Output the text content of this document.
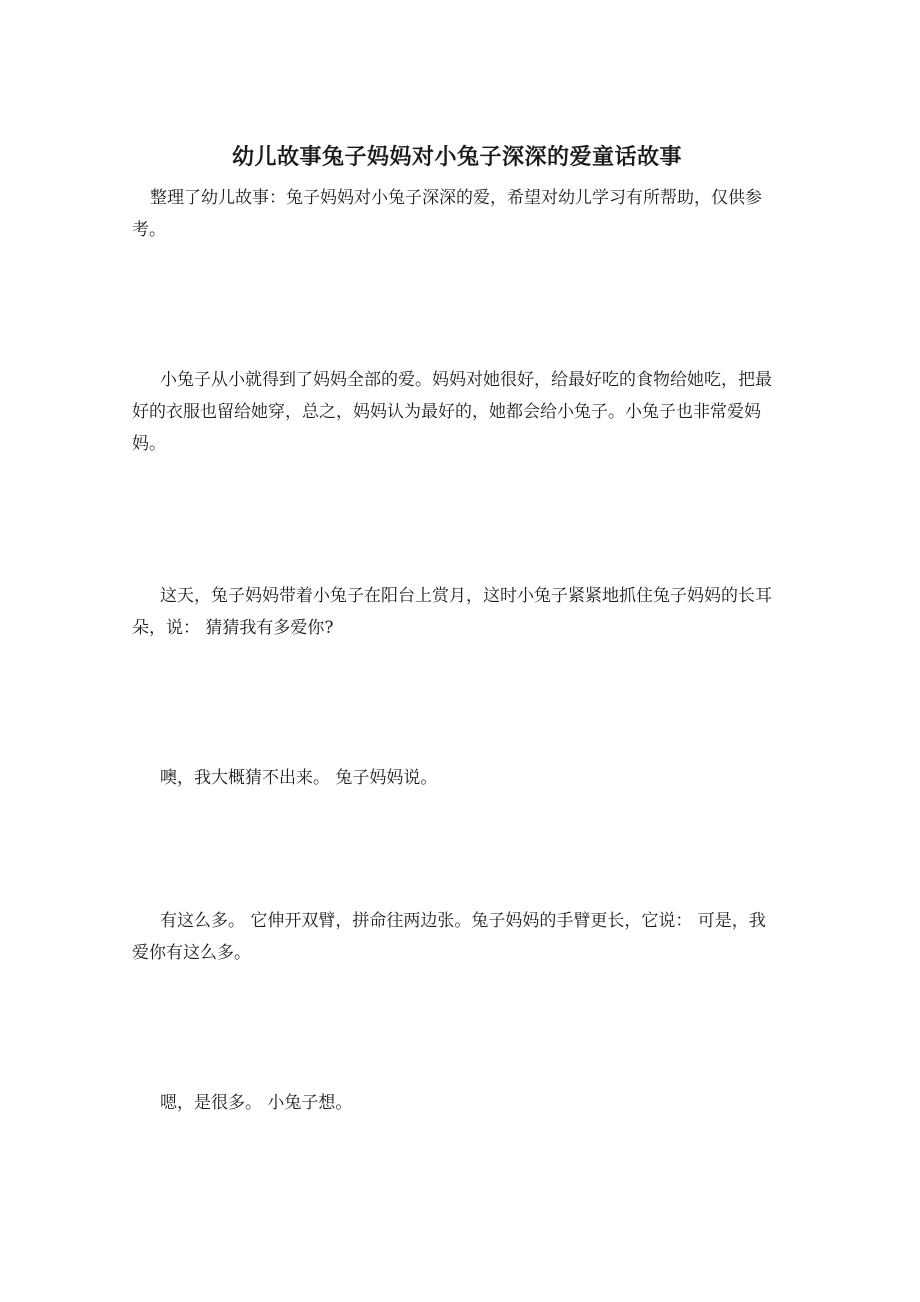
幼儿故事兔子妈妈对小兔子深深的爱童话故事

整理了幼儿故事：兔子妈妈对小兔子深深的爱，希望对幼儿学习有所帮助，仅供参考。

小兔子从小就得到了妈妈全部的爱。妈妈对她很好，给最好吃的食物给她吃，把最好的衣服也留给她穿，总之，妈妈认为最好的，她都会给小兔子。小兔子也非常爱妈妈。

这天，兔子妈妈带着小兔子在阳台上赏月，这时小兔子紧紧地抓住兔子妈妈的长耳朵，说： 猜猜我有多爱你?

噢，我大概猜不出来。 兔子妈妈说。

有这么多。 它伸开双臂，拼命往两边张。兔子妈妈的手臂更长，它说： 可是，我爱你有这么多。

嗯，是很多。 小兔子想。
